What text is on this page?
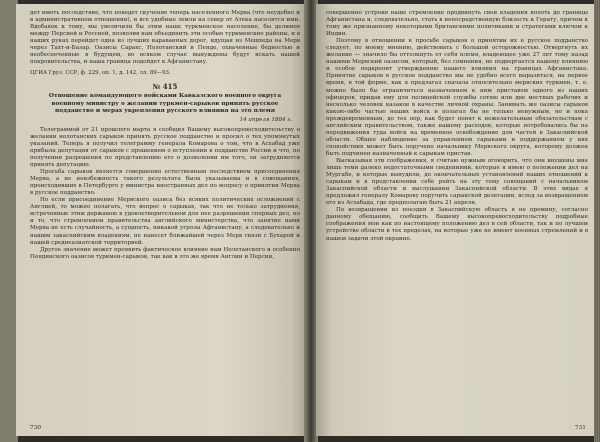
дет иметь последствие, что поведет скучение теперь населенного Мерва (что неудобно и в административном отношении), и все удобные земли на север от Атека населятся ими. Вдобавок к тому, мы увеличили бы этим наше туркменское население, бы делимое между Персией и Россией, позволив нам объединить эти особые туркменские районы, и в наших руках перейдет одна из лучших караванных дорог, идущая из Мешхеда на Мерв через Тахт-и-Базар. Оазисы Сарахс, Нолотанский и Пенде, охваченные бедностью и необеспеченные в будущем, во всяком случае вынуждены будут искать нашей покровительства, и наша граница подойдет к Афганистану.

ЦГИА Груз. ССР, ф. 229, оп. 1, д. 142, лл. 89—93.

№ 415
Отношение командующего войсками Кавказского военного округа военному министру о желании туркмен-сарыков принять русское подданство и мерах укрепления русского влияния на это племя
14 апреля 1884 г.

Телеграммой от 21 прошлого марта я сообщил Вашему высокопревосходительству о желании нолотанских сарыков принять русское подданство и просил о тех упомянутых указаний. Теперь я получил телеграмму генерала Комарова о том, что в Асхабад уже прибыла депутация от сарыков с прошением о вступлении в подданство России и что, по получении разрешения по представлению его о дозволении им того, он затрудняется принять депутацию.

Просьба сарыков является совершенно естественным последствием присоединения Мерва, а не неизбежность такого результата была указываема и в совещаниях, происходивших в Петербурге у министра иностранных дел по вопросу о принятии Мерва в русское подданство.

Но если присоединение Мервского оазиса без всяких политических осложнений с Англией, то можно полагать, что вопрос о сарыках, так что не только затруднения, встреченные этим державою в удовлетворительном для нее разрешении спорных дел, но и то, что стремлением правительства английского министерства, что занятие нами Мерва не есть случайность, а сущность, никакой угрозы Афганистану, а следовательно и нашим закаспийским владениям, не нанесет ближайшей через Мерв связи с Бухарой и нашей среднеазиатской территорией.

Другое значение может проявить фактическое влияние нам Нолотанского и особенно Пендинского оазисов туркмен-сарыков, так как в это же время Англии и Персии,

730

совершенно устроив наше стремление продвинуть свои владения вплоть до границы Афганистана и, следовательно, стать в непосредственную близость к Герату, причем к тому же признанному некоторыми британскими политиками и стратегами ключом к Индии.

Поэтому в отношении к просьбе сарыков о принятии их в русское подданство следует, по моему мнению, действовать с большой осторожностью. Отвергнуть их желание — значило бы оттолкнуть от себя племя, владеющее уже 27 лет тому назад нашими Мервский оазисом, который, без сомнения, не подвергается нашему влиянию и особое подкрепит утверждению нашего влияния на границах Афганистана. Принятие сарыков в русское подданство мы не удобно всего выразиться, на первое время, в той форме, как я предлагал сначала относительно мервских туркмен, т. е. можно было бы ограничиться назначением к ним приставом одного из наших офицеров, придав ему для полицейской службы сотню или две местных рабочих и несколько человек казаков в качестве личной охраны. Занимать же оазисы сарыков какою-либо частью наших войск и полагал бы не только ненужным, но и пока преждевременным, до тех пор, как будет понят к нежелательным обязательствам с английским правительством, также нашему расходов, которые потребовались бы на передвижения туда войск на временное освобождение для частей в Закаспийской области. Общее наблюдение за управлением сарыками и поддержанием у них спокойствия может быть поручено начальнику Мервского округа, которому должен быть подчинен назначенный к сарыкам пристав.

Высказывая эти соображения, я считаю нужным оговорить, что они внушены мне лишь теми далеко недостаточными сведениями, которые я имею о положении дел на Мургабе, и которые вынудили, до окончательных установлений наших отношений к сарыкам и в представлении себе рейть на эту тему совещаний с начальником Закаспийской области и выслушании Закаспийской области. В этих видах я предложил генералу Комарову поручить сарыкской делегации, вслед за возвращением его из Асхабада, где предполагаю быть 21 апреля.

По возвращении из поездки в Закаспийскую область я не премину, согласно данному обещанию, сообщить Вашему высокопревосходительству подробные соображения мои как по настоящему положению дел в сей области, так и по лучшем устройстве области в тех пределах, на которые уже не имеют военных стремлений и в нашем задачи этой окраине.

731
